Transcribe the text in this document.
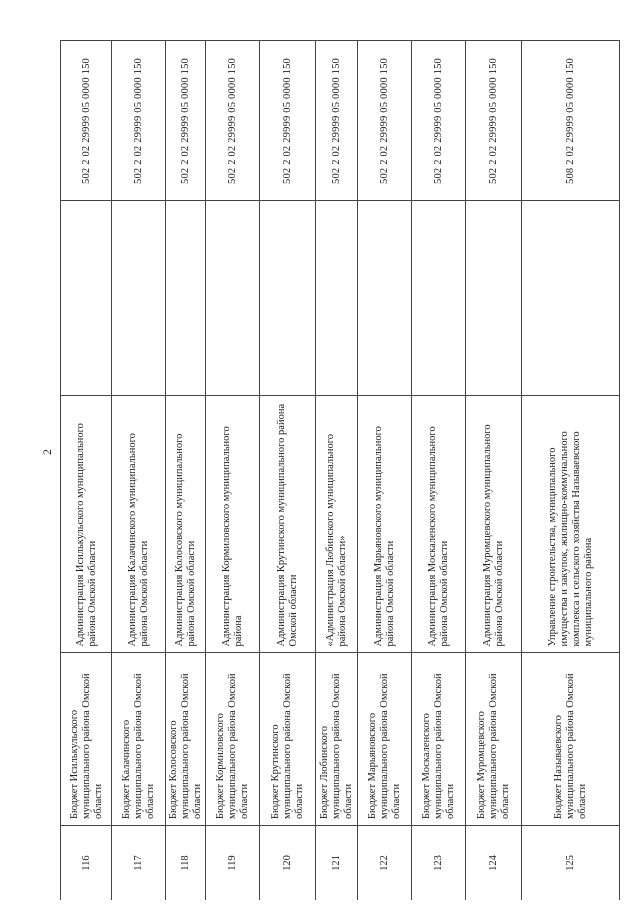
2
116
Бюджет Исилькульского муниципального района Омской области
Администрация Исилькульского муниципального района Омской области
502 2 02 29999 05 0000 150
117
Бюджет Калачинского муниципального района Омской области
Администрация Калачинского муниципального района Омской области
502 2 02 29999 05 0000 150
118
Бюджет Колосовского муниципального района Омской области
Администрация Колосовского муниципального района Омской области
502 2 02 29999 05 0000 150
119
Бюджет Кормиловского муниципального района Омской области
Администрация Кормиловского муниципального района
502 2 02 29999 05 0000 150
120
Бюджет Крутинского муниципального района Омской области
Администрация Крутинского муниципального района Омской области
502 2 02 29999 05 0000 150
121
Бюджет Любинского муниципального района Омской области
«Администрация Любинского муниципального района Омской области»
502 2 02 29999 05 0000 150
122
Бюджет Марьяновского муниципального района Омской области
Администрация Марьяновского муниципального района Омской области
502 2 02 29999 05 0000 150
123
Бюджет Москаленского муниципального района Омской области
Администрация Москаленского муниципального района Омской области
502 2 02 29999 05 0000 150
124
Бюджет Муромцевского муниципального района Омской области
Администрация Муромцевского муниципального района Омской области
502 2 02 29999 05 0000 150
125
Бюджет Называевского муниципального района Омской области
Управление строительства, муниципального имущества и закупок, жилищно-коммунального комплекса и сельского хозяйства Называевского муниципального района
508 2 02 29999 05 0000 150
